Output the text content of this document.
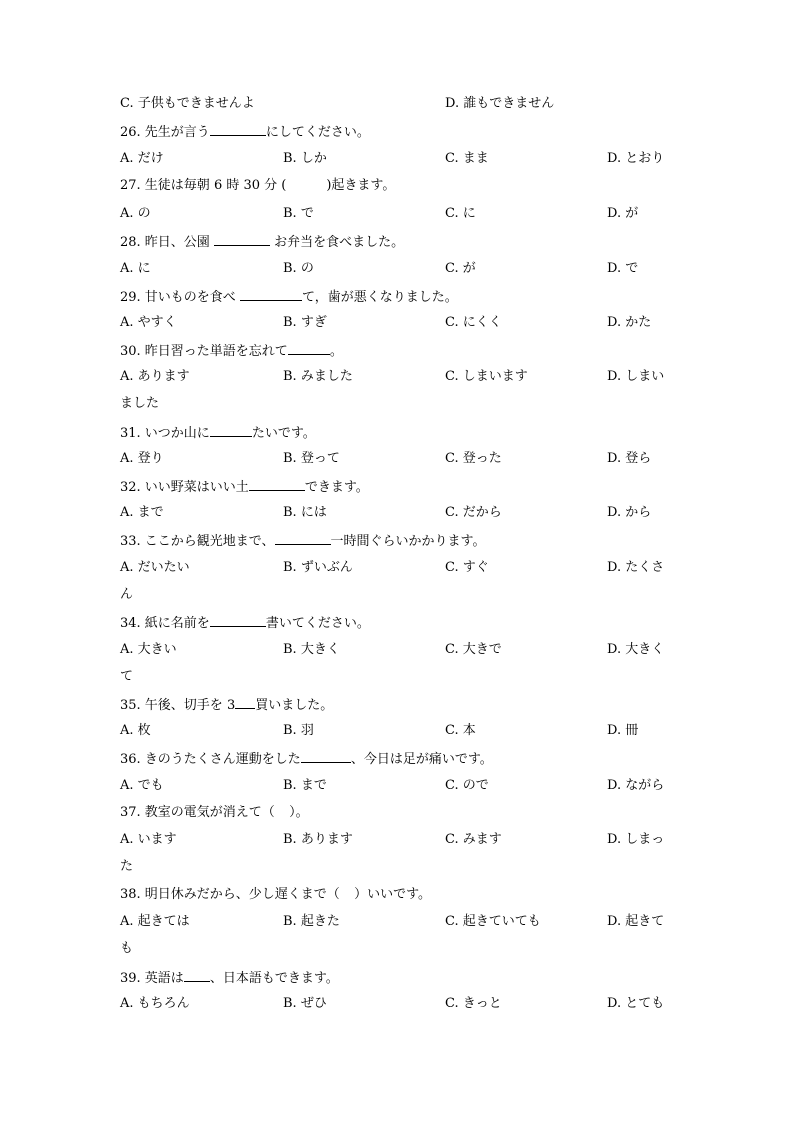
C. 子供もできませんよ	D. 誰もできません
26. 先生が言う	にしてください。
A. だけ	B. しか	C. まま	D. とおり
27. 生徒は毎朝 6 時 30 分 (	)起きます。
A. の	B. で	C. に	D. が
28. 昨日、公園	お弁当を食べました。
A. に	B. の	C. が	D. で
29. 甘いものを食べ	て，歯が悪くなりました。
A. やすく	B. すぎ	C. にくく	D. かた
30. 昨日習った単語を忘れて	。
A. あります	B. みました	C. しまいます	D. しまい
ました
31. いつか山に	たいです。
A. 登り	B. 登って	C. 登った	D. 登ら
32. いい野菜はいい土	できます。
A. まで	B. には	C. だから	D. から
33. ここから観光地まで、	一時間ぐらいかかります。
A. だいたい	B. ずいぶん	C. すぐ	D. たくさ
ん
34. 紙に名前を	書いてください。
A. 大きい	B. 大きく	C. 大きで	D. 大きく
て
35. 午後、切手を 3 買いました。
A. 枚	B. 羽	C. 本	D. 冊
36. きのうたくさん運動をした	、今日は足が痛いです。
A. でも	B. まで	C. ので	D. ながら
37. 教室の電気が消えて（  ）。
A. います	B. あります	C. みます	D. しまっ
た
38. 明日休みだから、少し遅くまで（  ）いいです。
A. 起きては	B. 起きた	C. 起きていても	D. 起きて
も
39. 英語は 、日本語もできます。
A. もちろん	B. ぜひ	C. きっと	D. とても
